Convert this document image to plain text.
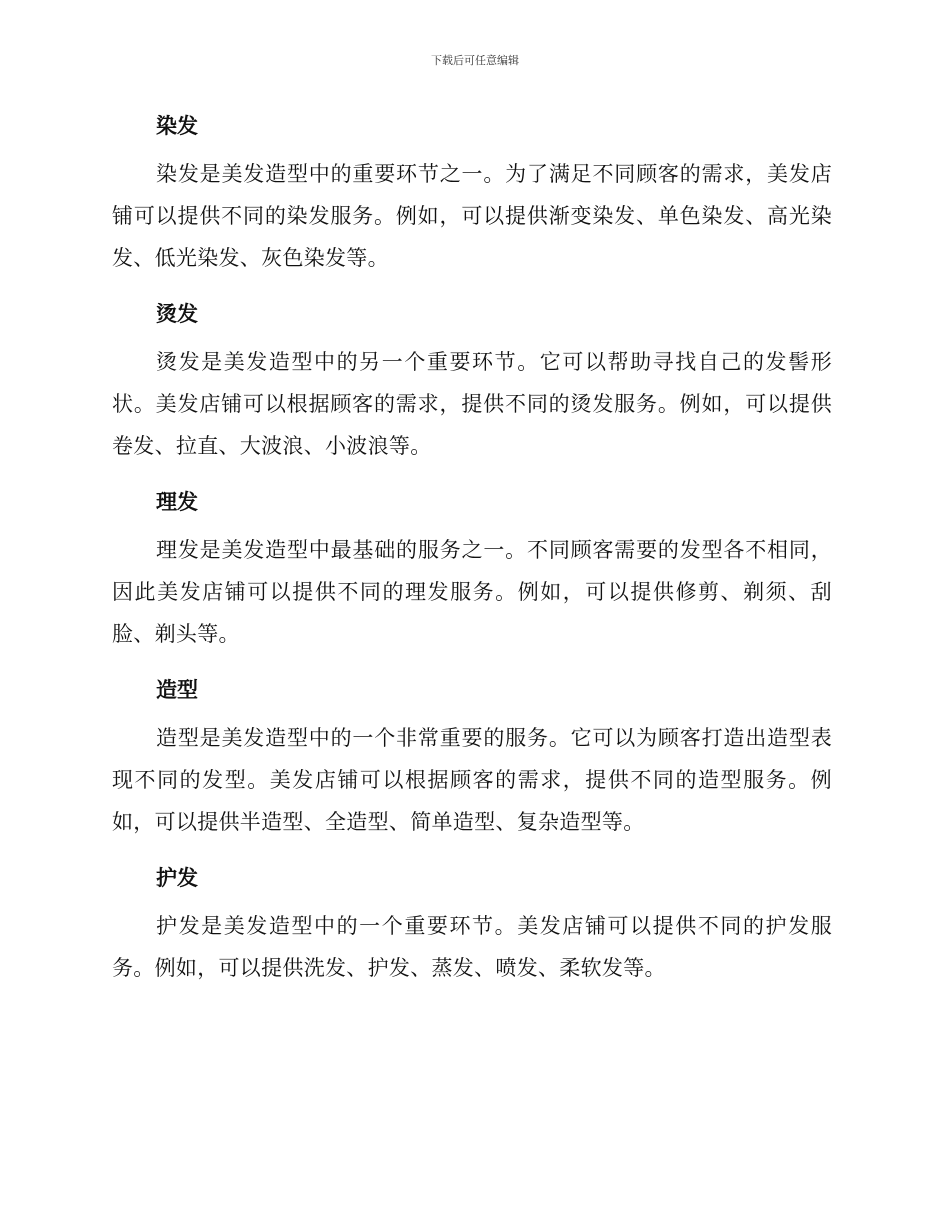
下载后可任意编辑
染发

染发是美发造型中的重要环节之一。为了满足不同顾客的需求，美发店铺可以提供不同的染发服务。例如，可以提供渐变染发、单色染发、高光染发、低光染发、灰色染发等。

烫发

烫发是美发造型中的另一个重要环节。它可以帮助寻找自己的发髻形状。美发店铺可以根据顾客的需求，提供不同的烫发服务。例如，可以提供卷发、拉直、大波浪、小波浪等。

理发

理发是美发造型中最基础的服务之一。不同顾客需要的发型各不相同，因此美发店铺可以提供不同的理发服务。例如，可以提供修剪、剃须、刮脸、剃头等。

造型

造型是美发造型中的一个非常重要的服务。它可以为顾客打造出造型表现不同的发型。美发店铺可以根据顾客的需求，提供不同的造型服务。例如，可以提供半造型、全造型、简单造型、复杂造型等。

护发

护发是美发造型中的一个重要环节。美发店铺可以提供不同的护发服务。例如，可以提供洗发、护发、蒸发、喷发、柔软发等。
